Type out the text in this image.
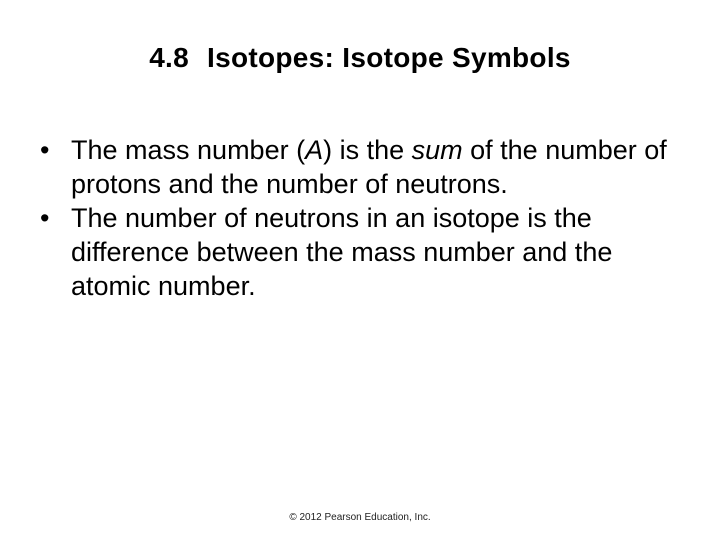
4.8 Isotopes: Isotope Symbols
• The mass number (A) is the sum of the number of protons and the number of neutrons.
• The number of neutrons in an isotope is the difference between the mass number and the atomic number.
© 2012 Pearson Education, Inc.
